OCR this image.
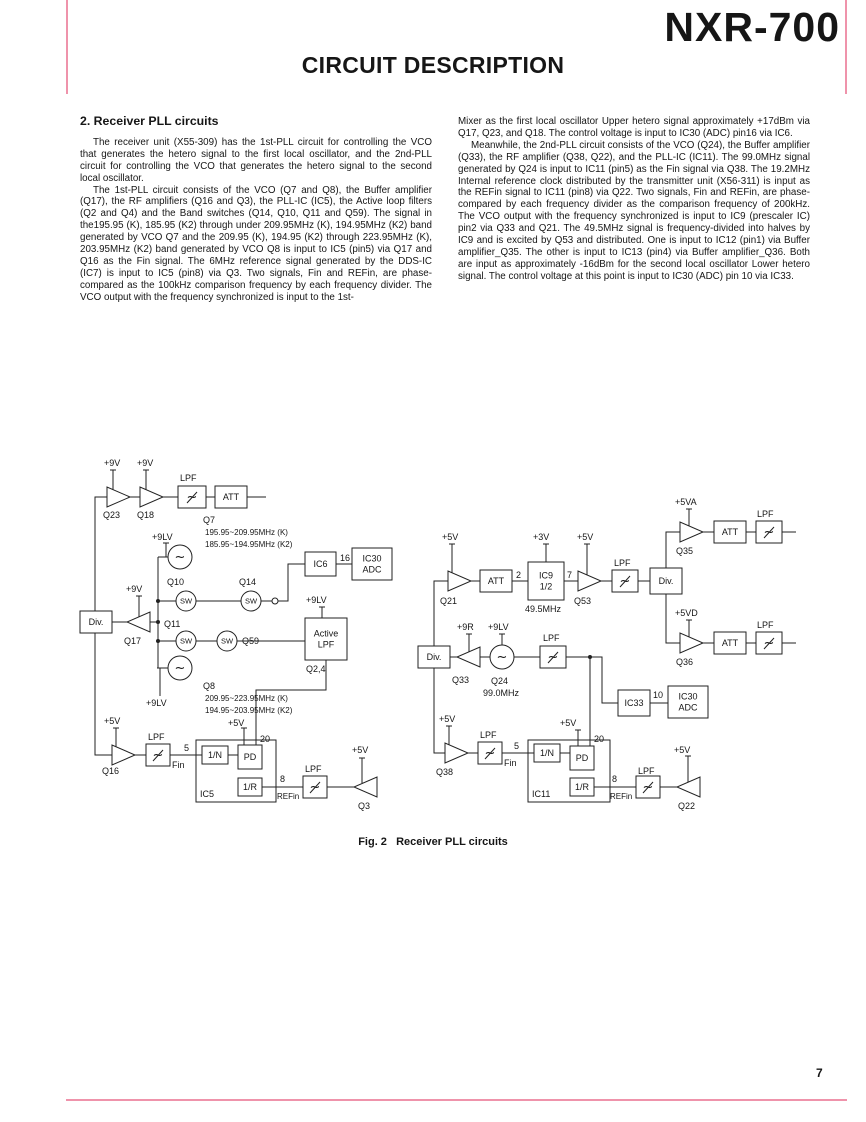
NXR-700
CIRCUIT DESCRIPTION
2. Receiver PLL circuits

The receiver unit (X55-309) has the 1st-PLL circuit for controlling the VCO that generates the hetero signal to the first local oscillator, and the 2nd-PLL circuit for controlling the VCO that generates the hetero signal to the second local oscillator.

The 1st-PLL circuit consists of the VCO (Q7 and Q8), the Buffer amplifier (Q17), the RF amplifiers (Q16 and Q3), the PLL-IC (IC5), the Active loop filters (Q2 and Q4) and the Band switches (Q14, Q10, Q11 and Q59). The signal in the195.95 (K), 185.95 (K2) through under 209.95MHz (K), 194.95MHz (K2) band generated by VCO Q7 and the 209.95 (K), 194.95 (K2) through 223.95MHz (K), 203.95MHz (K2) band generated by VCO Q8 is input to IC5 (pin5) via Q17 and Q16 as the Fin signal. The 6MHz reference signal generated by the DDS-IC (IC7) is input to IC5 (pin8) via Q3. Two signals, Fin and REFin, are phase-compared as the 100kHz comparison frequency by each frequency divider. The VCO output with the frequency synchronized is input to the 1st-

Mixer as the first local oscillator Upper hetero signal approximately +17dBm via Q17, Q23, and Q18. The control voltage is input to IC30 (ADC) pin16 via IC6.

Meanwhile, the 2nd-PLL circuit consists of the VCO (Q24), the Buffer amplifier (Q33), the RF amplifier (Q38, Q22), and the PLL-IC (IC11). The 99.0MHz signal generated by Q24 is input to IC11 (pin5) as the Fin signal via Q38. The 19.2MHz Internal reference clock distributed by the transmitter unit (X56-311) is input as the REFin signal to IC11 (pin8) via Q22. Two signals, Fin and REFin, are phase-compared by each frequency divider as the comparison frequency of 200kHz. The VCO output with the frequency synchronized is input to IC9 (prescaler IC) pin2 via Q33 and Q21. The 49.5MHz signal is frequency-divided into halves by IC9 and is excited by Q53 and distributed. One is input to IC12 (pin1) via Buffer amplifier_Q35. The other is input to IC13 (pin4) via Buffer amplifier_Q36. Both are input as approximately -16dBm for the second local oscillator Lower hetero signal. The control voltage at this point is input to IC30 (ADC) pin 10 via IC33.

~	ATT
IC6
IC30
ADC
Div.
Active
LPF
~	1/N PD
1/R	~
ATT
IC9
1/2	~	Div.
ATT ~
ATT ~
Div.	~
IC33
IC30
ADC
~	1/N PD
1/R	~
~
~
~
SW	SW
SW	SW
+9V +9V
LPF
Q23 Q18
+9LV
Q7
195.95~209.95MHz (K)
185.95~194.95MHz (K2)
Q10	Q14
Q11
Q59
+9V
Q17
+9LV
Q2,4
Q8
209.95~223.95MHz (K)
194.95~203.95MHz (K2)
+9LV
16
+5V
Q16
LPF
5
Fin
+5V
20
IC5
8
REFin
LPF
+5V
Q3
+5V
Q21
2
+3V
49.5MHz
7
+5V
Q53
LPF
+5VA
Q35
LPF
+5VD
Q36
LPF
+9R
Q33
+9LV
Q24
99.0MHz
LPF
10
+5V
Q38
LPF
5
Fin
+5V
20
IC11
8
REFin
LPF
+5V
Q22
Fig. 2   Receiver PLL circuits
7
